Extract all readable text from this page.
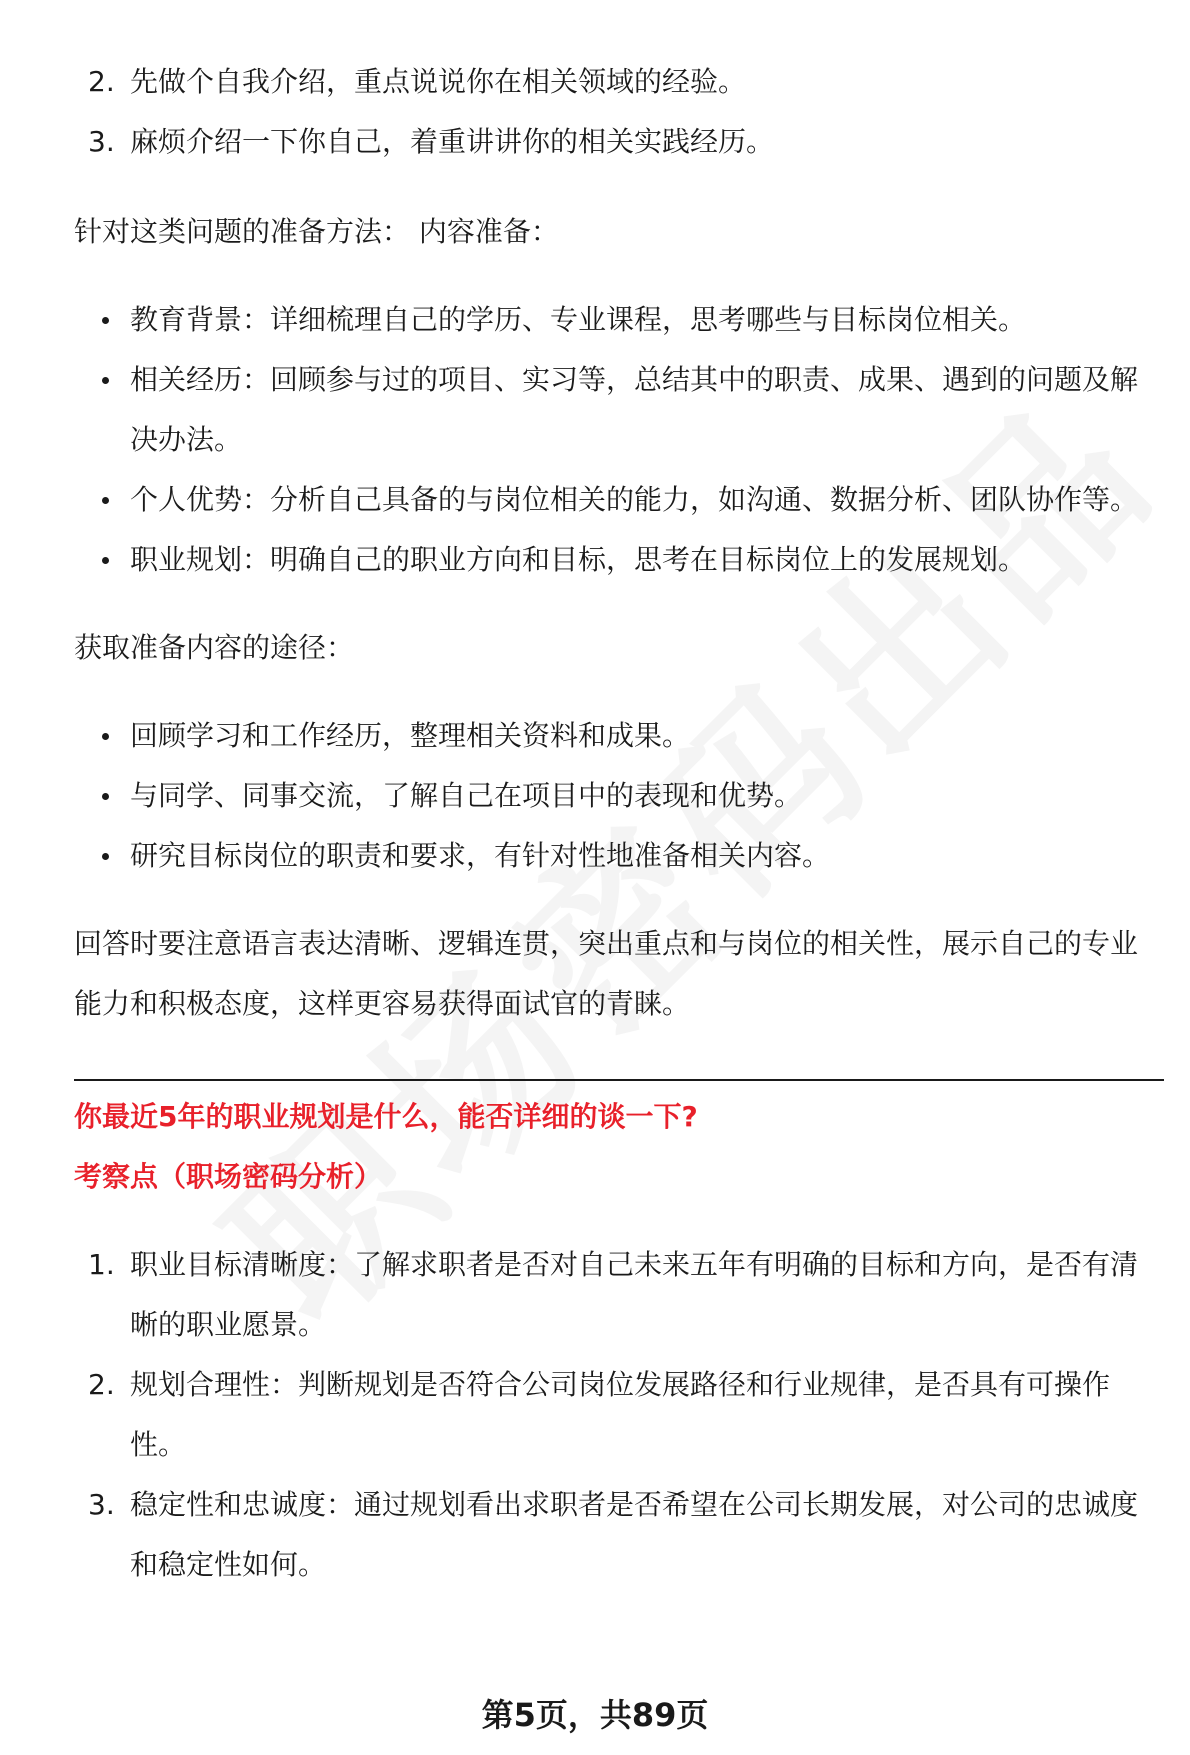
2. 先做个自我介绍，重点说说你在相关领域的经验。
3. 麻烦介绍一下你自己，着重讲讲你的相关实践经历。

针对这类问题的准备方法： 内容准备：

教育背景：详细梳理自己的学历、专业课程，思考哪些与目标岗位相关。
相关经历：回顾参与过的项目、实习等，总结其中的职责、成果、遇到的问题及解决办法。
个人优势：分析自己具备的与岗位相关的能力，如沟通、数据分析、团队协作等。
职业规划：明确自己的职业方向和目标，思考在目标岗位上的发展规划。

获取准备内容的途径：

回顾学习和工作经历，整理相关资料和成果。
与同学、同事交流，了解自己在项目中的表现和优势。
研究目标岗位的职责和要求，有针对性地准备相关内容。

回答时要注意语言表达清晰、逻辑连贯，突出重点和与岗位的相关性，展示自己的专业能力和积极态度，这样更容易获得面试官的青睐。

你最近5年的职业规划是什么，能否详细的谈一下?
考察点（职场密码分析）
1. 职业目标清晰度：了解求职者是否对自己未来五年有明确的目标和方向，是否有清晰的职业愿景。
2. 规划合理性：判断规划是否符合公司岗位发展路径和行业规律，是否具有可操作性。
3. 稳定性和忠诚度：通过规划看出求职者是否希望在公司长期发展，对公司的忠诚度和稳定性如何。
第5页，共89页
